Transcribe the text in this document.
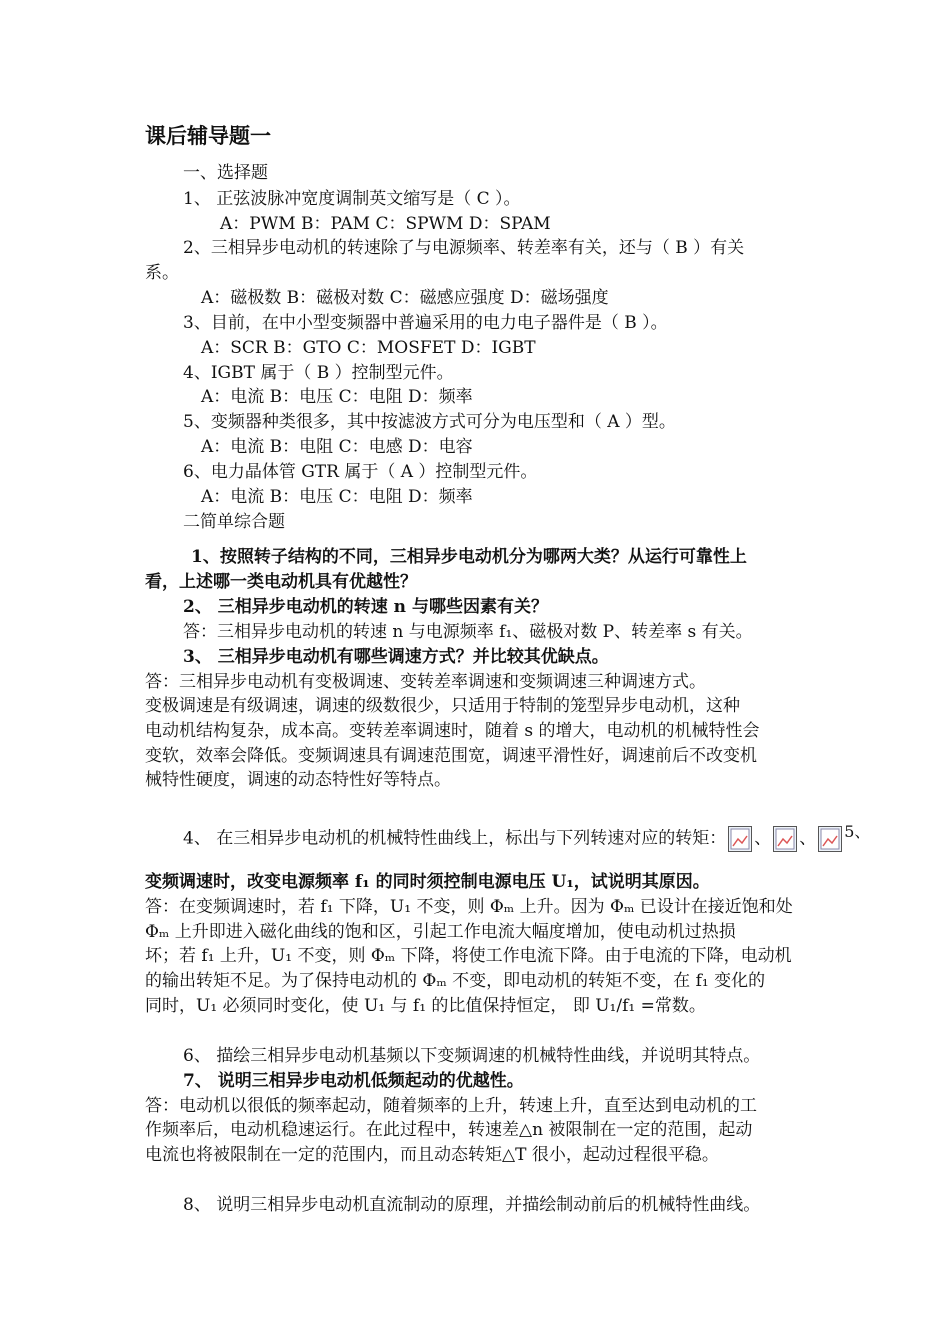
课后辅导题一
一、选择题
1、 正弦波脉冲宽度调制英文缩写是（ C ）。
A：PWM B：PAM C：SPWM D：SPAM
2、三相异步电动机的转速除了与电源频率、转差率有关，还与（ B ）有关
系。
A：磁极数 B：磁极对数 C：磁感应强度 D：磁场强度
3、目前，在中小型变频器中普遍采用的电力电子器件是（ B ）。
A：SCR B：GTO C：MOSFET D：IGBT
4、IGBT 属于（ B ）控制型元件。
A：电流 B：电压 C：电阻 D：频率
5、变频器种类很多，其中按滤波方式可分为电压型和（ A ）型。
A：电流 B：电阻 C：电感 D：电容
6、电力晶体管 GTR 属于（ A ）控制型元件。
A：电流 B：电压 C：电阻 D：频率
二简单综合题
1、按照转子结构的不同，三相异步电动机分为哪两大类？从运行可靠性上
看，上述哪一类电动机具有优越性？
2、 三相异步电动机的转速 n 与哪些因素有关？
答：三相异步电动机的转速 n 与电源频率 f₁、磁极对数 P、转差率 s 有关。
3、 三相异步电动机有哪些调速方式？并比较其优缺点。
答：三相异步电动机有变极调速、变转差率调速和变频调速三种调速方式。
变极调速是有级调速，调速的级数很少，只适用于特制的笼型异步电动机，这种
电动机结构复杂，成本高。变转差率调速时，随着 s 的增大，电动机的机械特性会
变软，效率会降低。变频调速具有调速范围宽，调速平滑性好，调速前后不改变机
械特性硬度，调速的动态特性好等特点。
4、 在三相异步电动机的机械特性曲线上，标出与下列转速对应的转矩： 、 、 5、
变频调速时，改变电源频率 f₁ 的同时须控制电源电压 U₁，试说明其原因。
答：在变频调速时，若 f₁ 下降，U₁ 不变，则 Φₘ 上升。因为 Φₘ 已设计在接近饱和处
Φₘ 上升即进入磁化曲线的饱和区，引起工作电流大幅度增加，使电动机过热损
坏；若 f₁ 上升，U₁ 不变，则 Φₘ 下降，将使工作电流下降。由于电流的下降，电动机
的输出转矩不足。为了保持电动机的 Φₘ 不变，即电动机的转矩不变，在 f₁ 变化的
同时，U₁ 必须同时变化，使 U₁ 与 f₁ 的比值保持恒定， 即 U₁/f₁ =常数。
6、 描绘三相异步电动机基频以下变频调速的机械特性曲线，并说明其特点。
7、 说明三相异步电动机低频起动的优越性。
答：电动机以很低的频率起动，随着频率的上升，转速上升，直至达到电动机的工
作频率后，电动机稳速运行。在此过程中，转速差△n 被限制在一定的范围，起动
电流也将被限制在一定的范围内，而且动态转矩△T 很小，起动过程很平稳。
8、 说明三相异步电动机直流制动的原理，并描绘制动前后的机械特性曲线。
